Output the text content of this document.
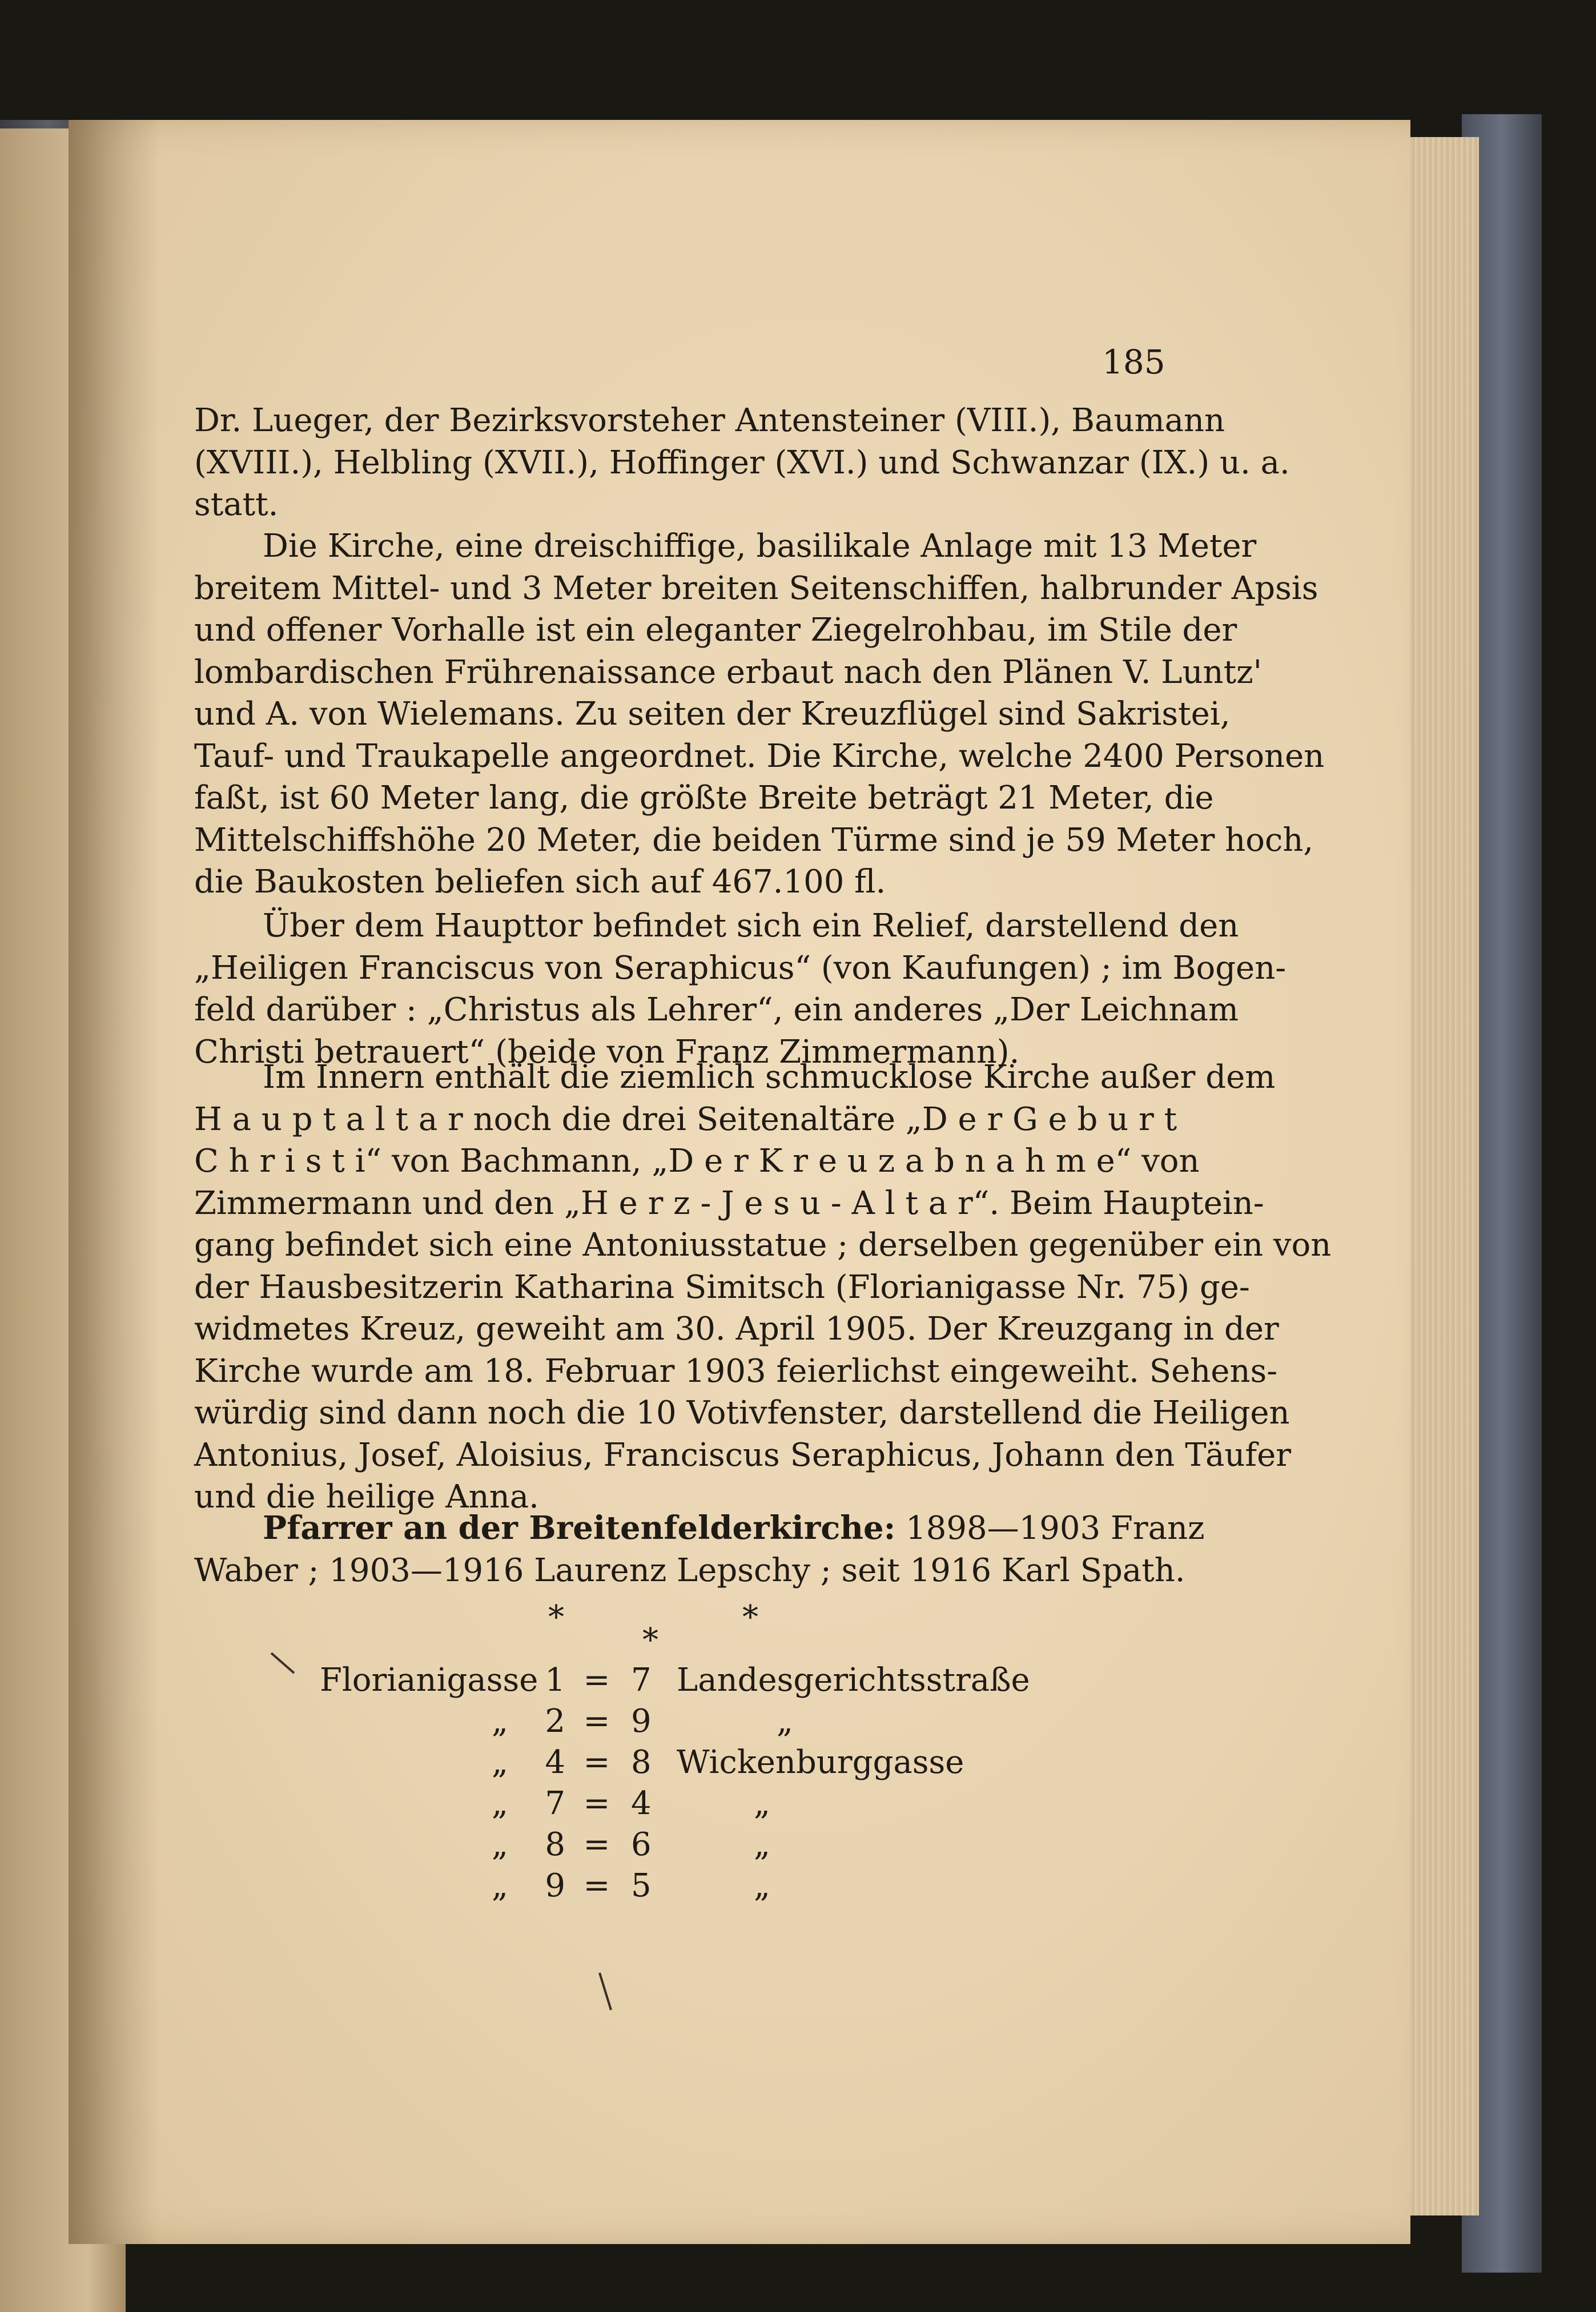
185
Dr. Lueger, der Bezirksvorsteher Antensteiner (VIII.), Baumann
(XVIII.), Helbling (XVII.), Hoffinger (XVI.) und Schwanzar (IX.) u. a.
statt.
Die Kirche, eine dreischiffige, basilikale Anlage mit 13 Meter
breitem Mittel- und 3 Meter breiten Seitenschiffen, halbrunder Apsis
und offener Vorhalle ist ein eleganter Ziegelrohbau, im Stile der
lombardischen Frührenaissance erbaut nach den Plänen V. Luntz'
und A. von Wielemans. Zu seiten der Kreuzflügel sind Sakristei,
Tauf- und Traukapelle angeordnet. Die Kirche, welche 2400 Personen
faßt, ist 60 Meter lang, die größte Breite beträgt 21 Meter, die
Mittelschiffshöhe 20 Meter, die beiden Türme sind je 59 Meter hoch,
die Baukosten beliefen sich auf 467.100 fl.
Über dem Haupttor befindet sich ein Relief, darstellend den
„Heiligen Franciscus von Seraphicus“ (von Kaufungen) ; im Bogen-
feld darüber : „Christus als Lehrer“, ein anderes „Der Leichnam
Christi betrauert“ (beide von Franz Zimmermann).
Im Innern enthält die ziemlich schmucklose Kirche außer dem
H a u p t a l t a r noch die drei Seitenaltäre „D e r G e b u r t
C h r i s t i“ von Bachmann, „D e r K r e u z a b n a h m e“ von
Zimmermann und den „H e r z - J e s u - A l t a r“. Beim Hauptein-
gang befindet sich eine Antoniusstatue ; derselben gegenüber ein von
der Hausbesitzerin Katharina Simitsch (Florianigasse Nr. 75) ge-
widmetes Kreuz, geweiht am 30. April 1905. Der Kreuzgang in der
Kirche wurde am 18. Februar 1903 feierlichst eingeweiht. Sehens-
würdig sind dann noch die 10 Votivfenster, darstellend die Heiligen
Antonius, Josef, Aloisius, Franciscus Seraphicus, Johann den Täufer
und die heilige Anna.
Pfarrer an der Breitenfelderkirche: 1898—1903 Franz
Waber ; 1903—1916 Laurenz Lepschy ; seit 1916 Karl Spath.
*
*
*
Florianigasse 1 = 7 Landesgerichtsstraße
„	2 = 9	„
„	4 = 8 Wickenburggasse
„	7 = 4	„
„	8 = 6	„
„	9 = 5	„
